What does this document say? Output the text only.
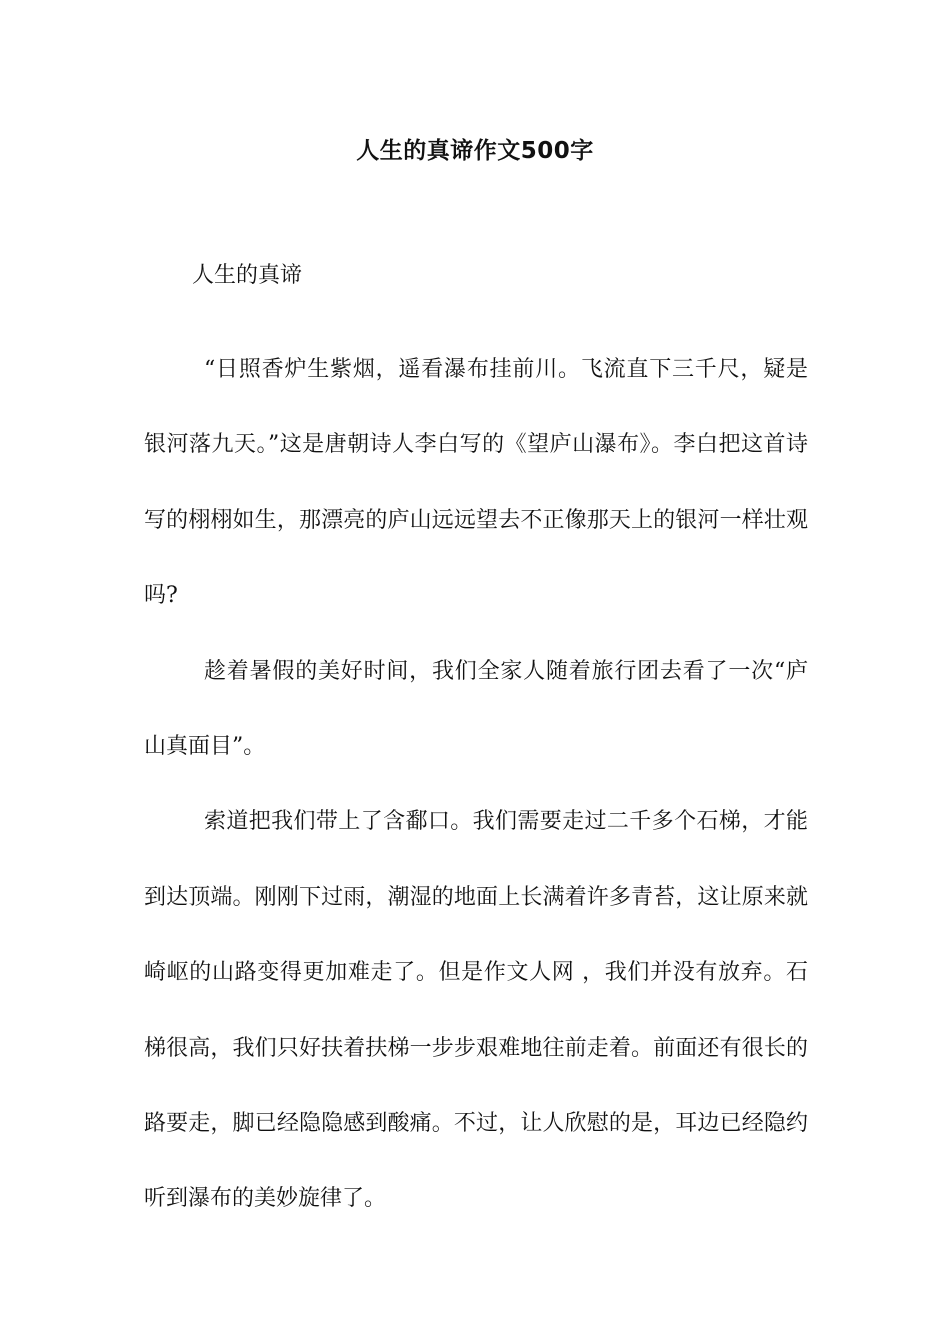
人生的真谛作文500字
人生的真谛

“日照香炉生紫烟，遥看瀑布挂前川。飞流直下三千尺，疑是银河落九天。”这是唐朝诗人李白写的《望庐山瀑布》。李白把这首诗写的栩栩如生，那漂亮的庐山远远望去不正像那天上的银河一样壮观吗?

趁着暑假的美好时间，我们全家人随着旅行团去看了一次“庐山真面目”。

索道把我们带上了含鄱口。我们需要走过二千多个石梯，才能到达顶端。刚刚下过雨，潮湿的地面上长满着许多青苔，这让原来就崎岖的山路变得更加难走了。但是作文人网 ，我们并没有放弃。石梯很高，我们只好扶着扶梯一步步艰难地往前走着。前面还有很长的路要走，脚已经隐隐感到酸痛。不过，让人欣慰的是，耳边已经隐约听到瀑布的美妙旋律了。
